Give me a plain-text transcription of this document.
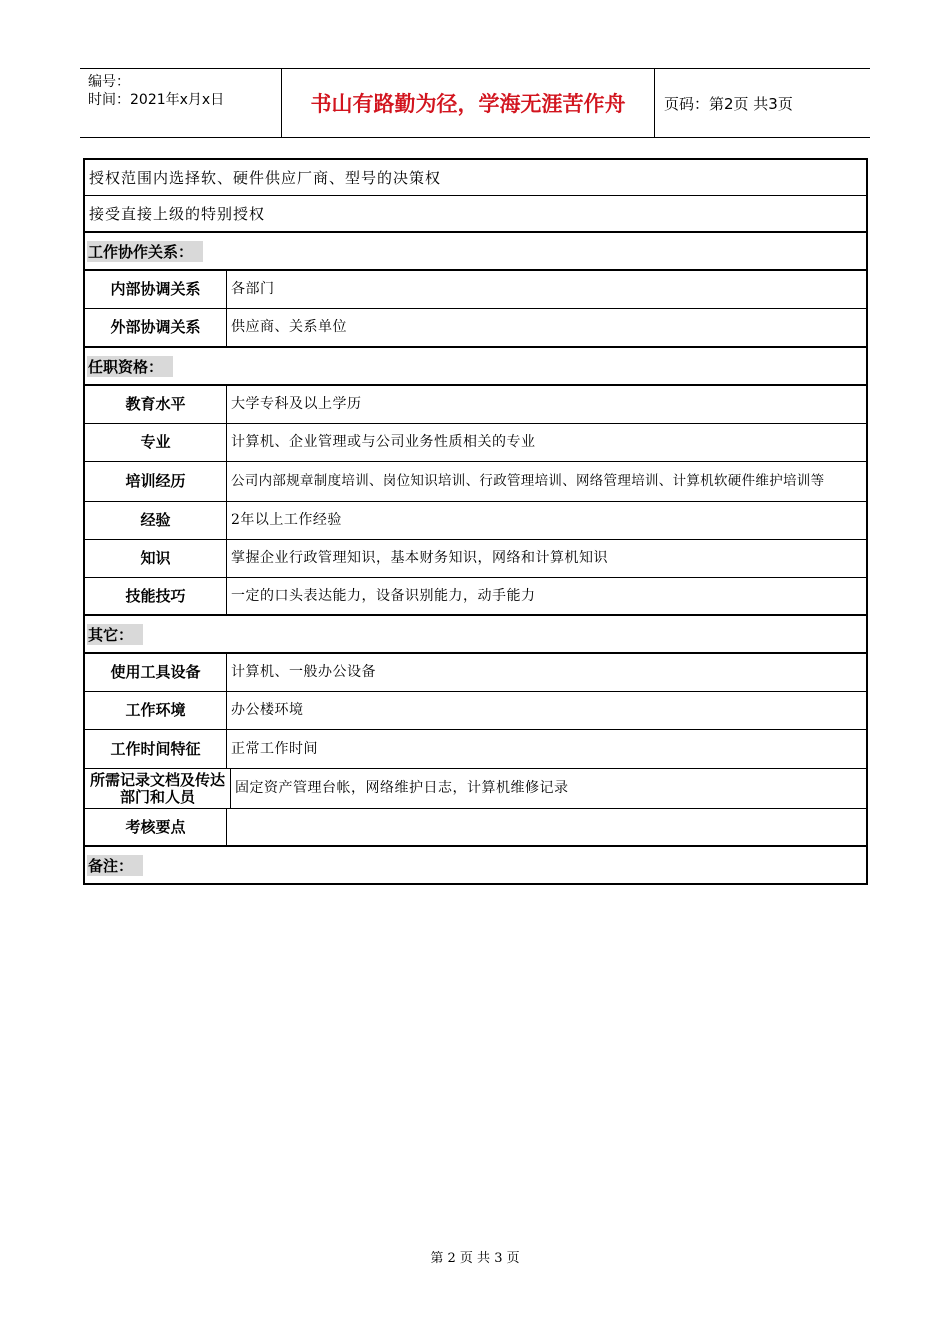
编号：
时间：2021年x月x日	书山有路勤为径，学海无涯苦作舟	页码：第2页 共3页
授权范围内选择软、硬件供应厂商、型号的决策权
接受直接上级的特别授权
工作协作关系：
内部协调关系	各部门
外部协调关系	供应商、关系单位
任职资格：
教育水平	大学专科及以上学历
专业	计算机、企业管理或与公司业务性质相关的专业
培训经历	公司内部规章制度培训、岗位知识培训、行政管理培训、网络管理培训、计算机软硬件维护培训等
经验	2年以上工作经验
知识	掌握企业行政管理知识，基本财务知识，网络和计算机知识
技能技巧	一定的口头表达能力，设备识别能力，动手能力
其它：
使用工具设备	计算机、一般办公设备
工作环境	办公楼环境
工作时间特征	正常工作时间
所需记录文档及传达部门和人员	固定资产管理台帐，网络维护日志，计算机维修记录
考核要点
备注：
第 2 页 共 3 页
